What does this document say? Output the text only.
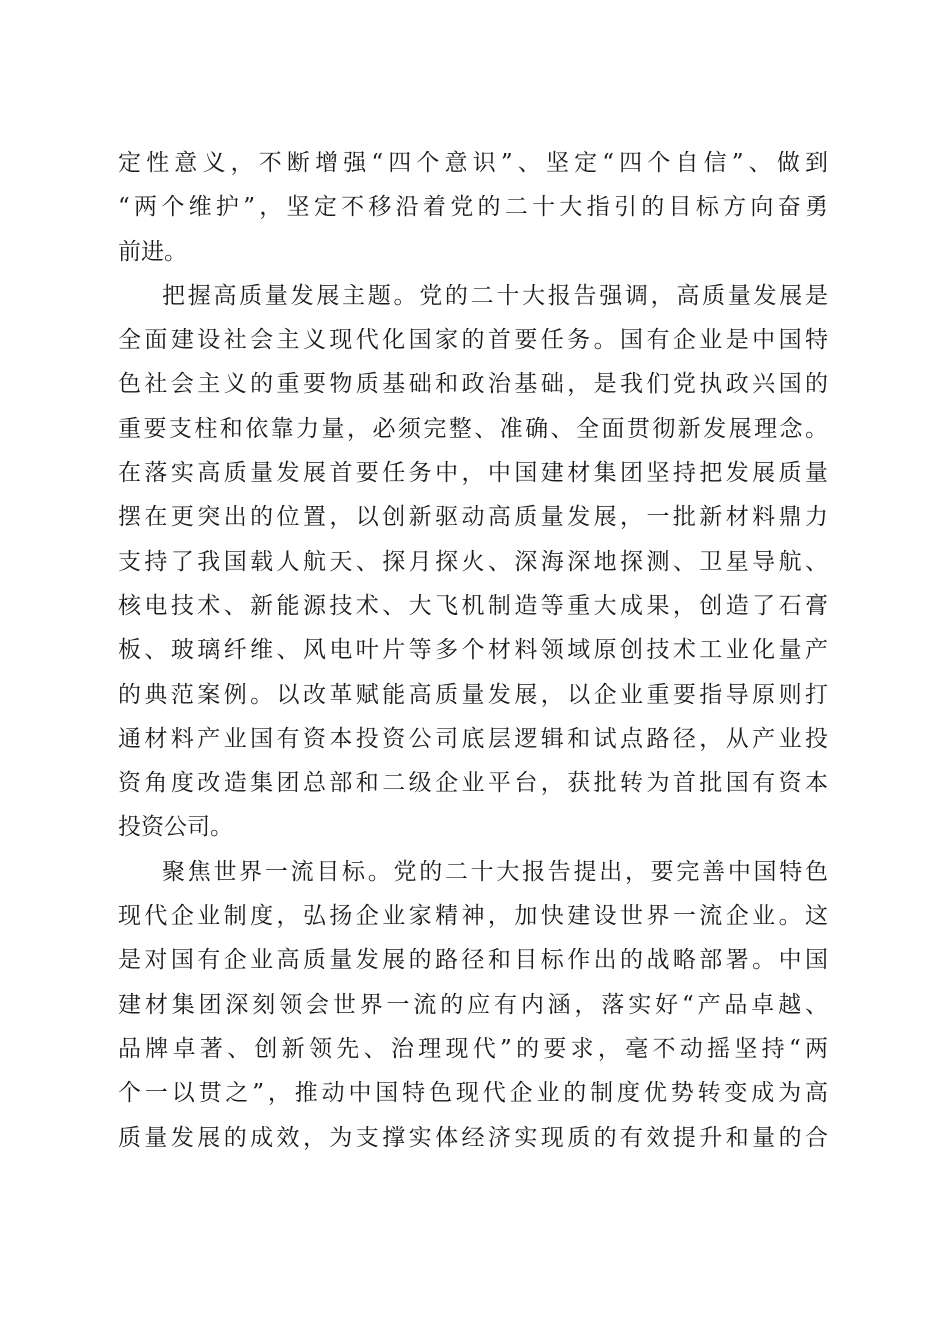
定性意义，不断增强“四个意识”、坚定“四个自信”、做到
“两个维护”，坚定不移沿着党的二十大指引的目标方向奋勇
前进。
把握高质量发展主题。党的二十大报告强调，高质量发展是
全面建设社会主义现代化国家的首要任务。国有企业是中国特
色社会主义的重要物质基础和政治基础，是我们党执政兴国的
重要支柱和依靠力量，必须完整、准确、全面贯彻新发展理念。
在落实高质量发展首要任务中，中国建材集团坚持把发展质量
摆在更突出的位置，以创新驱动高质量发展，一批新材料鼎力
支持了我国载人航天、探月探火、深海深地探测、卫星导航、
核电技术、新能源技术、大飞机制造等重大成果，创造了石膏
板、玻璃纤维、风电叶片等多个材料领域原创技术工业化量产
的典范案例。以改革赋能高质量发展，以企业重要指导原则打
通材料产业国有资本投资公司底层逻辑和试点路径，从产业投
资角度改造集团总部和二级企业平台，获批转为首批国有资本
投资公司。
聚焦世界一流目标。党的二十大报告提出，要完善中国特色
现代企业制度，弘扬企业家精神，加快建设世界一流企业。这
是对国有企业高质量发展的路径和目标作出的战略部署。中国
建材集团深刻领会世界一流的应有内涵，落实好“产品卓越、
品牌卓著、创新领先、治理现代”的要求，毫不动摇坚持“两
个一以贯之”，推动中国特色现代企业的制度优势转变成为高
质量发展的成效，为支撑实体经济实现质的有效提升和量的合
